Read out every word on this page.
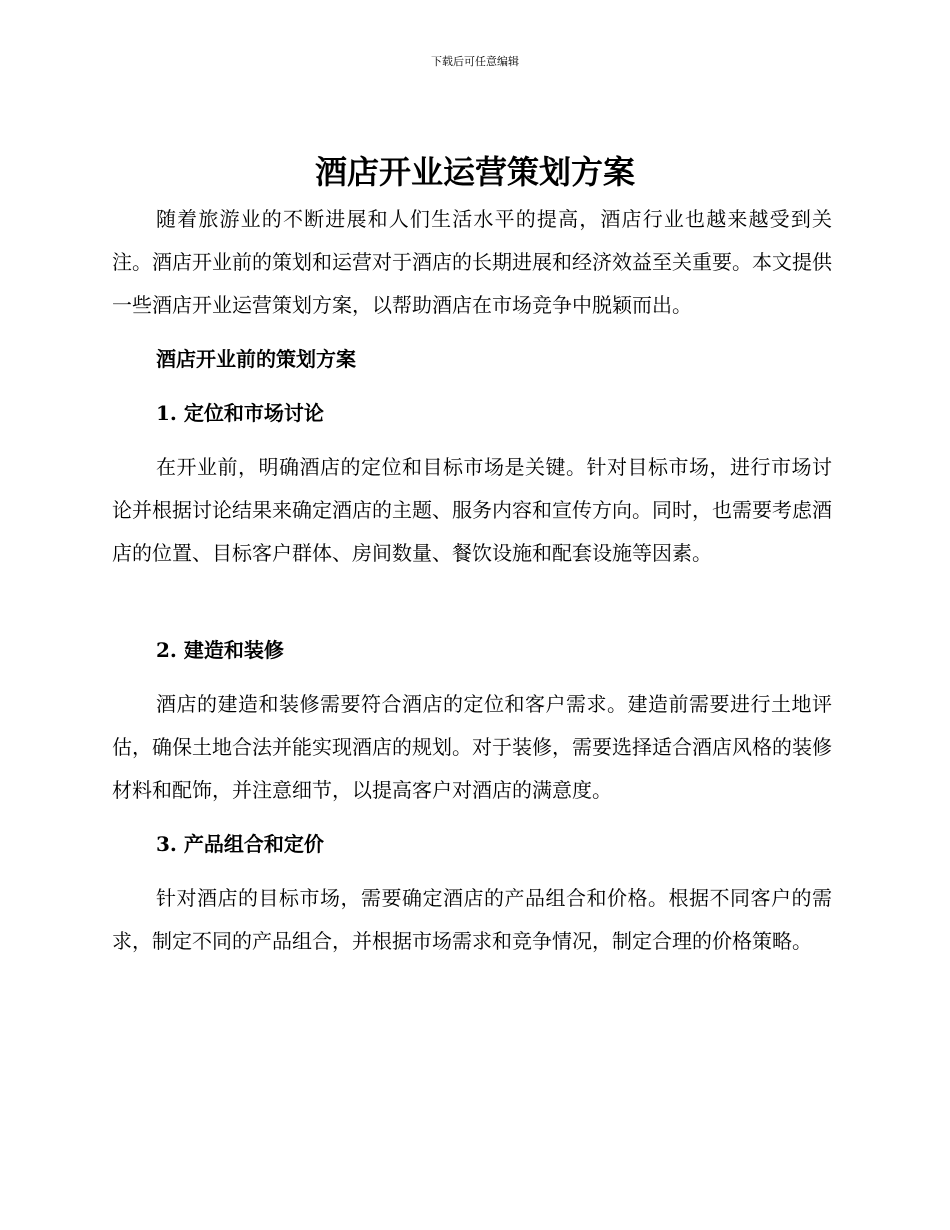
下载后可任意编辑
酒店开业运营策划方案

随着旅游业的不断进展和人们生活水平的提高，酒店行业也越来越受到关注。酒店开业前的策划和运营对于酒店的长期进展和经济效益至关重要。本文提供一些酒店开业运营策划方案，以帮助酒店在市场竞争中脱颖而出。

酒店开业前的策划方案

1. 定位和市场讨论

在开业前，明确酒店的定位和目标市场是关键。针对目标市场，进行市场讨论并根据讨论结果来确定酒店的主题、服务内容和宣传方向。同时，也需要考虑酒店的位置、目标客户群体、房间数量、餐饮设施和配套设施等因素。

2. 建造和装修

酒店的建造和装修需要符合酒店的定位和客户需求。建造前需要进行土地评估，确保土地合法并能实现酒店的规划。对于装修，需要选择适合酒店风格的装修材料和配饰，并注意细节，以提高客户对酒店的满意度。

3. 产品组合和定价

针对酒店的目标市场，需要确定酒店的产品组合和价格。根据不同客户的需求，制定不同的产品组合，并根据市场需求和竞争情况，制定合理的价格策略。
